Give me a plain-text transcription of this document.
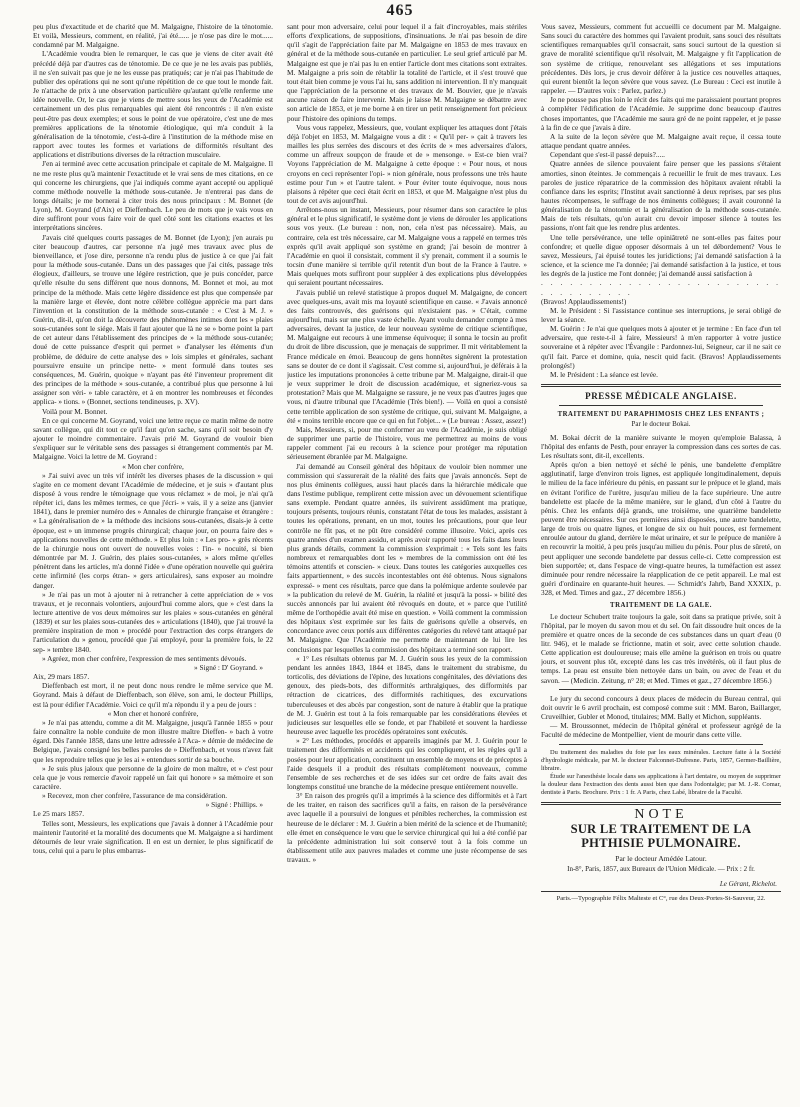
465

peu plus d'exactitude et de charité que M. Malgaigne, l'histoire de la ténotomie. Et voilà, Messieurs, comment, en réalité, j'ai été...... je n'ose pas dire le mot...... condamné par M. Malgaigne.

L'Académie voudra bien le remarquer, le cas que je viens de citer avait été précédé déjà par d'autres cas de ténotomie. De ce que je ne les avais pas publiés, il ne s'en suivait pas que je ne les eusse pas pratiqués; car je n'ai pas l'habitude de publier des opérations qui ne sont qu'une répétition de ce que tout le monde fait. Je n'attache de prix à une observation particulière qu'autant qu'elle renferme une idée nouvelle. Or, le cas que je viens de mettre sous les yeux de l'Académie est certainement un des plus remarquables qui aient été rencontrés : il n'en existe peut-être pas deux exemples; et sous le point de vue opératoire, c'est une de mes premières applications de la ténotomie étiologique, qui m'a conduit à la généralisation de la ténotomie, c'est-à-dire à l'institution de la méthode mise en rapport avec toutes les formes et variations de difformités résultant des applications et distributions diverses de la rétraction musculaire.

J'en ai terminé avec cette accusation principale et capitale de M. Malgaigne. Il ne me reste plus qu'à maintenir l'exactitude et le vrai sens de mes citations, en ce qui concerne les chirurgiens, que j'ai indiqués comme ayant accepté ou appliqué comme méthode nouvelle la méthode sous-cutanée. Je n'entrerai pas dans de longs détails; je me bornerai à citer trois des nous principaux : M. Bonnet (de Lyon), M. Goyrand (d'Aix) et Dieffenbach. Le peu de mots que je vais vous en dire suffiront pour vous faire voir de quel côté sont les citations exactes et les interprétations sincères.

J'avais cité quelques courts passages de M. Bonnet (de Lyon); j'en aurais pu citer beaucoup d'autres, car personne n'a jugé mes travaux avec plus de bienveillance, et j'ose dire, personne n'a rendu plus de justice à ce que j'ai fait pour la méthode sous-cutanée. Dans un des passages que j'ai cités, passage très élogieux, d'ailleurs, se trouve une légère restriction, que je puis concéder, parce qu'elle résulte du sens différent que nous donnons, M. Bonnet et moi, au mot principe de la méthode. Mais cette légère dissidence est plus que compensée par la manière large et élevée, dont notre célèbre collègue apprécie ma part dans l'invention et la constitution de la méthode sous-cutanée : « C'est à M. J. » Guérin, dit-il, qu'on doit la découverte des phénomènes intimes dont les » plaies sous-cutanées sont le siége. Mais il faut ajouter que là ne se » borne point la part de cet auteur dans l'établissement des principes de » la méthode sous-cutanée; doué de cette puissance d'esprit qui permet » d'analyser les éléments d'un problème, de déduire de cette analyse des » lois simples et générales, sachant poursuivre ensuite un principe nette- » ment formulé dans toutes ses conséquences, M. Guérin, quoique » n'ayant pas été l'inventeur proprement dit des principes de la méthode » sous-cutanée, a contribué plus que personne à lui assigner son véri- » table caractère, et à en montrer les nombreuses et fécondes applica- » tions. » (Bonnet, sections tendineuses, p. XV).

Voilà pour M. Bonnet.

En ce qui concerne M. Goyrand, voici une lettre reçue ce matin même de notre savant collègue, qui dit tout ce qu'il faut qu'on sache, sans qu'il soit besoin d'y ajouter le moindre commentaire. J'avais prié M. Goyrand de vouloir bien s'expliquer sur le véritable sens des passages si étrangement commentés par M. Malgaigne. Voici la lettre de M. Goyrand :

« Mon cher confrère,

» J'ai suivi avec un très vif intérêt les diverses phases de la discussion » qui s'agite en ce moment devant l'Académie de médecine, et je suis » d'autant plus disposé à vous rendre le témoignage que vous réclamez » de moi, je n'ai qu'à répéter ici, dans les mêmes termes, ce que j'écri- » vais, il y a seize ans (janvier 1841), dans le premier numéro des » Annales de chirurgie française et étrangère : « La généralisation de » la méthode des incisions sous-cutanées, disais-je à cette époque, est » un immense progrès chirurgical; chaque jour, on pourra faire des » applications nouvelles de cette méthode. » Et plus loin : « Les pro- » grès récents de la chirurgie nous ont ouvert de nouvelles voies : l'in- » nocuité, si bien démontrée par M. J. Guérin, des plaies sous-cutanées, » alors même qu'elles pénètrent dans les articles, m'a donné l'idée » d'une opération nouvelle qui guérira cette infirmité (les corps étran- » gers articulaires), sans exposer au moindre danger.

» Je n'ai pas un mot à ajouter ni à retrancher à cette appréciation de » vos travaux, et je reconnais volontiers, aujourd'hui comme alors, que » c'est dans la lecture attentive de vos deux mémoires sur les plaies » sous-cutanées en général (1839) et sur les plaies sous-cutanées des » articulations (1840), que j'ai trouvé la première inspiration de mon » procédé pour l'extraction des corps étrangers de l'articulation du » genou, procédé que j'ai employé, pour la première fois, le 22 sep- » tembre 1840.

» Agréez, mon cher confrère, l'expression de mes sentiments dévoués.

» Signé : D' Goyrand. »

Aix, 29 mars 1857.

Dieffenbach est mort, il ne peut donc nous rendre le même service que M. Goyrand. Mais à défaut de Dieffenbach, son élève, son ami, le docteur Phillips, est là pour édifier l'Académie. Voici ce qu'il m'a répondu il y a peu de jours :

« Mon cher et honoré confrère,

» Je n'ai pas attendu, comme a dit M. Malgaigne, jusqu'à l'année 1855 » pour faire connaître la noble conduite de mon illustre maître Dieffen- » bach à votre égard. Dès l'année 1858, dans une lettre adressée à l'Aca- » démie de médecine de Belgique, j'avais consigné les belles paroles de » Dieffenbach, et vous n'avez fait que les reproduire telles que je les ai » entendues sortir de sa bouche.

» Je suis plus jaloux que personne de la gloire de mon maître, et » c'est pour cela que je vous remercie d'avoir rappelé un fait qui honore » sa mémoire et son caractère.

» Recevez, mon cher confrère, l'assurance de ma considération.

» Signé : Phillips. »

Le 25 mars 1857.

Telles sont, Messieurs, les explications que j'avais à donner à l'Académie pour maintenir l'autorité et la moralité des documents que M. Malgaigne a si hardiment détournés de leur vraie signification. Il en est un dernier, le plus significatif de tous, celui qui a paru le plus embarras-

sant pour mon adversaire, celui pour lequel il a fait d'incroyables, mais stériles efforts d'explications, de suppositions, d'insinuations. Je n'ai pas besoin de dire qu'il s'agit de l'appréciation faite par M. Malgaigne en 1853 de mes travaux en général et de la méthode sous-cutanée en particulier. Le seul grief articulé par M. Malgaigne est que je n'ai pas lu en entier l'article dont mes citations sont extraites. M. Malgaigne a pris soin de rétablir la totalité de l'article, et il s'est trouvé que tout était bien comme je vous l'ai lu, sans addition ni intervention. Il n'y manquait que l'appréciation de la personne et des travaux de M. Bouvier, que je n'avais aucune raison de faire intervenir. Mais je laisse M. Malgaigne se débattre avec son article de 1853, et je me borne à en tirer un petit renseignement fort précieux pour l'histoire des opinions du temps.

Vous vous rappelez, Messieurs, que, voulant expliquer les attaques dont j'étais déjà l'objet en 1853, M. Malgaigne vous a dit : « Qu'il per- » çait à travers les mailles les plus serrées des discours et des écrits de » mes adversaires d'alors, comme un affreux soupçon de fraude et de » mensonge. » Est-ce bien vrai? Voyons l'appréciation de M. Malgaigne à cette époque : « Pour nous, et nous croyons en ceci représenter l'opi- » nion générale, nous professons une très haute estime pour l'un » et l'autre talent. » Pour éviter toute équivoque, nous nous plaisons à répéter que ceci était écrit en 1853, et que M. Malgaigne n'est plus du tout de cet avis aujourd'hui.

Arrêtons-nous un instant, Messieurs, pour résumer dans son caractère le plus général et le plus significatif, le système dont je viens de dérouler les applications sous vos yeux. (Le bureau : non, non, cela n'est pas nécessaire). Mais, au contraire, cela est très nécessaire, car M. Malgaigne vous a rappelé en termes très exprès qu'il avait appliqué son système en grand; j'ai besoin de montrer à l'Académie en quoi il consistait, comment il s'y prenait, comment il a soumis le tocsin d'une manière si terrible qu'il retentit d'un bout de la France à l'autre. » Mais quelques mots suffiront pour suppléer à des explications plus développées qui seraient pourtant nécessaires.

J'avais publié un relevé statistique à propos duquel M. Malgaigne, de concert avec quelques-uns, avait mis ma loyauté scientifique en cause. « J'avais annoncé des faits controuvés, des guérisons qui n'existaient pas. » C'était, comme aujourd'hui, mais sur une plus vaste échelle. Ayant voulu demander compte à mes adversaires, devant la justice, de leur nouveau système de critique scientifique, M. Malgaigne eut recours à une immense équivoque; il sonna le tocsin au profit du droit de libre discussion, que je menaçais de supprimer. Il mit véritablement la France médicale en émoi. Beaucoup de gens honnêtes signèrent la protestation sans se douter de ce dont il s'agissait. C'est comme si, aujourd'hui, je déférais à la justice les imputations prononcées à cette tribune par M. Malgaigne, dirait-il que je veux supprimer le droit de discussion académique, et signeriez-vous sa protestation? Mais que M. Malgaigne se rassure, je ne veux pas d'autres juges que vous, ni d'autre tribunal que l'Académie (Très bien!). — Voilà en quoi a consisté cette terrible application de son système de critique, qui, suivant M. Malgaigne, a été « moins terrible encore que ce qui en fut l'objet... » (Le bureau : Assez, assez!)

Mais, Messieurs, si, pour me conformer au vœu de l'Académie, je suis obligé de supprimer une partie de l'histoire, vous me permettrez au moins de vous rappeler comment j'ai eu recours à la science pour protéger ma réputation sérieusement ébranlée par M. Malgaigne.

J'ai demandé au Conseil général des hôpitaux de vouloir bien nommer une commission qui s'assurerait de la réalité des faits que j'avais annoncés. Sept de nos plus éminents collègues, aussi haut placés dans la hiérarchie médicale que dans l'estime publique, remplirent cette mission avec un dévouement scientifique sans exemple. Pendant quatre années, ils suivirent assidûment ma pratique, toujours présents, toujours réunis, constatant l'état de tous les malades, assistant à toutes les opérations, prenant, en un mot, toutes les précautions, pour que leur contrôle ne fût pas, et ne pût être considéré comme illusoire. Voici, après ces quatre années d'un examen assidu, et après avoir rapporté tous les faits dans leurs plus grands détails, comment la commission s'exprimait : « Tels sont les faits nombreux et remarquables dont les » membres de la commission ont été les témoins attentifs et conscien- » cieux. Dans toutes les catégories auxquelles ces faits appartiennent, » des succès incontestables ont été obtenus. Nous signalons expressé- » ment ces résultats, parce que dans la polémique ardente soulevée par » la publication du relevé de M. Guérin, la réalité et jusqu'à la possi- » bilité des succès annoncés par lui avaient été révoqués en doute, et » parce que l'utilité même de l'orthopédie avait été mise en question. » Voilà comment la commission des hôpitaux s'est exprimée sur les faits de guérisons qu'elle a observés, en concordance avec ceux portés aux différentes catégories du relevé tant attaqué par M. Malgaigne. Que l'Académie me permette de maintenant de lui lire les conclusions par lesquelles la commission des hôpitaux a terminé son rapport.

« 1° Les résultats obtenus par M. J. Guérin sous les yeux de la commission pendant les années 1843, 1844 et 1845, dans le traitement du strabisme, du torticolis, des déviations de l'épine, des luxations congénitales, des déviations des genoux, des pieds-bots, des difformités arthralgiques, des difformités par rétraction de cicatrices, des difformités rachitiques, des excurvations tuberculeuses et des abcès par congestion, sont de nature à établir que la pratique de M. J. Guérin est tout à la fois remarquable par les considérations élevées et judicieuses sur lesquelles elle se fonde, et par l'habileté et souvent la hardiesse heureuse avec laquelle les procédés opératoires sont exécutés.

» 2° Les méthodes, procédés et appareils imaginés par M. J. Guérin pour le traitement des difformités et accidents qui les compliquent, et les règles qu'il a posées pour leur application, constituent un ensemble de moyens et de préceptes à l'aide desquels il a produit des résultats complètement nouveaux, comme l'ensemble de ses recherches et de ses idées sur cet ordre de faits avait des longtemps constitué une branche de la médecine presque entièrement nouvelle.

3° En raison des progrès qu'il a imprimés à la science des difformités et à l'art de les traiter, en raison des sacrifices qu'il a faits, en raison de la persévérance avec laquelle il a poursuivi de longues et pénibles recherches, la commission est heureuse de le déclarer : M. J. Guérin a bien mérité de la science et de l'humanité; elle émet en conséquence le vœu que le service chirurgical qui lui a été confié par la précédente administration lui soit conservé tout à la fois comme un établissement utile aux pauvres malades et comme une juste récompense de ses travaux. »

Vous savez, Messieurs, comment fut accueilli ce document par M. Malgaigne. Sans souci du caractère des hommes qui l'avaient produit, sans souci des résultats scientifiques remarquables qu'il consacrait, sans souci surtout de la question si grave de moralité scientifique qu'il résolvait, M. Malgaigne y fit l'application de son système de critique, renouvelant ses allégations et ses imputations précédentes. Dès lors, je crus devoir déférer à la justice ces nouvelles attaques, qui eurent bientôt la leçon sévère que vous savez. (Le Bureau : Ceci est inutile à rappeler. — D'autres voix : Parlez, parlez.)

Je ne pousse pas plus loin le récit des faits qui me paraissaient pourtant propres à compléter l'édification de l'Académie. Je supprime donc beaucoup d'autres choses importantes, que l'Académie me saura gré de ne point rappeler, et je passe à la fin de ce que j'avais à dire.

A la suite de la leçon sévère que M. Malgaigne avait reçue, il cessa toute attaque pendant quatre années.

Cependant que s'est-il passé depuis?.....

Quatre années de silence pouvaient faire penser que les passions s'étaient amorties, sinon éteintes. Je commençais à recueillir le fruit de mes travaux. Les paroles de justice réparatrice de la commission des hôpitaux avaient rétabli la confiance dans les esprits; l'Institut avait sanctionné à deux reprises, par ses plus hautes récompenses, le suffrage de nos éminents collègues; il avait couronné la généralisation de la ténotomie et la généralisation de la méthode sous-cutanée. Mais de tels résultats, qu'on aurait cru devoir imposer silence à toutes les passions, n'ont fait que les rendre plus ardentes.

Une telle persévérance, une telle opiniâtreté ne sont-elles pas faites pour confondre; et quelle digue opposer désormais à un tel débordement? Vous le savez, Messieurs, j'ai épuisé toutes les juridictions; j'ai demandé satisfaction à la science, et la science me l'a donnée; j'ai demandé satisfaction à la justice, et tous les degrés de la justice me l'ont donnée; j'ai demandé aussi satisfaction à

. . . . . . . . . . . . . . . . . . . . . . . . . . . . . . . . . . .

(Bravos! Applaudissements!)

M. le Président : Si l'assistance continue ses interruptions, je serai obligé de lever la séance.

M. Guérin : Je n'ai que quelques mots à ajouter et je termine : En face d'un tel adversaire, que reste-t-il à faire, Messieurs! à m'en rapporter à votre justice souveraine et à répéter avec l'Évangile : Pardonnez-lui, Seigneur, car il ne sait ce qu'il fait. Parce et domine, quia, nescit quid facit. (Bravos! Applaudissements prolongés!)

M. le Président : La séance est levée.

PRESSE MÉDICALE ANGLAISE.
TRAITEMENT DU PARAPHIMOSIS CHEZ LES ENFANTS ;
Par le docteur Bokai.

M. Bokai décrit de la manière suivante le moyen qu'emploie Balassa, à l'hôpital des enfants de Pesth, pour enrayer la compression dans ces sortes de cas. Les résultats sont, dit-il, excellents.

Après qu'on a bien nettoyé et séché le pénis, une bandelette d'emplâtre agglutinatif, large d'environ trois lignes, est appliquée longitudinalement, depuis le milieu de la face inférieure du pénis, en passant sur le prépuce et le gland, mais en évitant l'orifice de l'urètre, jusqu'au milieu de la face supérieure. Une autre bandelette est placée de la même manière, sur le gland, d'un côté à l'autre du pénis. Chez les enfants déjà grands, une troisième, une quatrième bandelette peuvent être nécessaires. Sur ces premières ainsi disposées, une autre bandelette, large de trois ou quatre lignes, et longue de six ou huit pouces, est fermement enroulée autour du gland, derrière le méat urinaire, et sur le prépuce de manière à en recouvrir la moitié, à peu près jusqu'au milieu du pénis. Pour plus de sûreté, on peut appliquer une seconde bandelette par dessus celle-ci. Cette compression est bien supportée; et, dans l'espace de vingt-quatre heures, la tuméfaction est assez diminuée pour rendre nécessaire la réapplication de ce petit appareil. Le mal est guéri d'ordinaire en quarante-huit heures. — Schmidt's Jahrb, Band XXXIX, p. 328, et Med. Times and gaz., 27 décembre 1856.)

TRAITEMENT DE LA GALE.

Le docteur Schubert traite toujours la gale, soit dans sa pratique privée, soit à l'hôpital, par le moyen du savon mou et du sel. On fait dissoudre huit onces de la première et quatre onces de la seconde de ces substances dans un quart d'eau (0 litr. 946), et le malade se frictionne, matin et soir, avec cette solution chaude. Cette application est douloureuse; mais elle amène la guérison en trois ou quatre jours, et souvent plus tôt, excepté dans les cas très invétérés, où il faut plus de temps. La peau est ensuite bien nettoyée dans un bain, ou avec de l'eau et du savon. — (Medicin. Zeitung, n° 28; et Med. Times et gaz., 27 décembre 1856.)

Le jury du second concours à deux places de médecin du Bureau central, qui doit ouvrir le 6 avril prochain, est composé comme suit : MM. Baron, Baillarger, Cruveilhier, Gubler et Monod, titulaires; MM. Bally et Michon, suppléants.

— M. Broussonnet, médecin de l'hôpital général et professeur agrégé de la Faculté de médecine de Montpellier, vient de mourir dans cette ville.

Du traitement des maladies du foie par les eaux minérales. Lecture faite à la Société d'hydrologie médicale, par M. le docteur Falconnet-Dufresne. Paris, 1857, Germer-Baillière, libraire.

Étude sur l'anesthésie locale dans ses applications à l'art dentaire, ou moyen de supprimer la douleur dans l'extraction des dents aussi bien que dans l'odontalgie; par M. J.-R. Comar, dentiste à Paris. Brochure. Prix : 1 fr. A Paris, chez Labé, libraire de la Faculté.

NOTE
SUR LE TRAITEMENT DE LA PHTHISIE PULMONAIRE.
Par le docteur Amédée Latour.
In-8°, Paris, 1857, aux Bureaux de l'Union Médicale. — Prix : 2 fr.
Le Gérant, Richelot.
Paris.—Typographie Félix Malteste et C°, rue des Deux-Portes-St-Sauveur, 22.
